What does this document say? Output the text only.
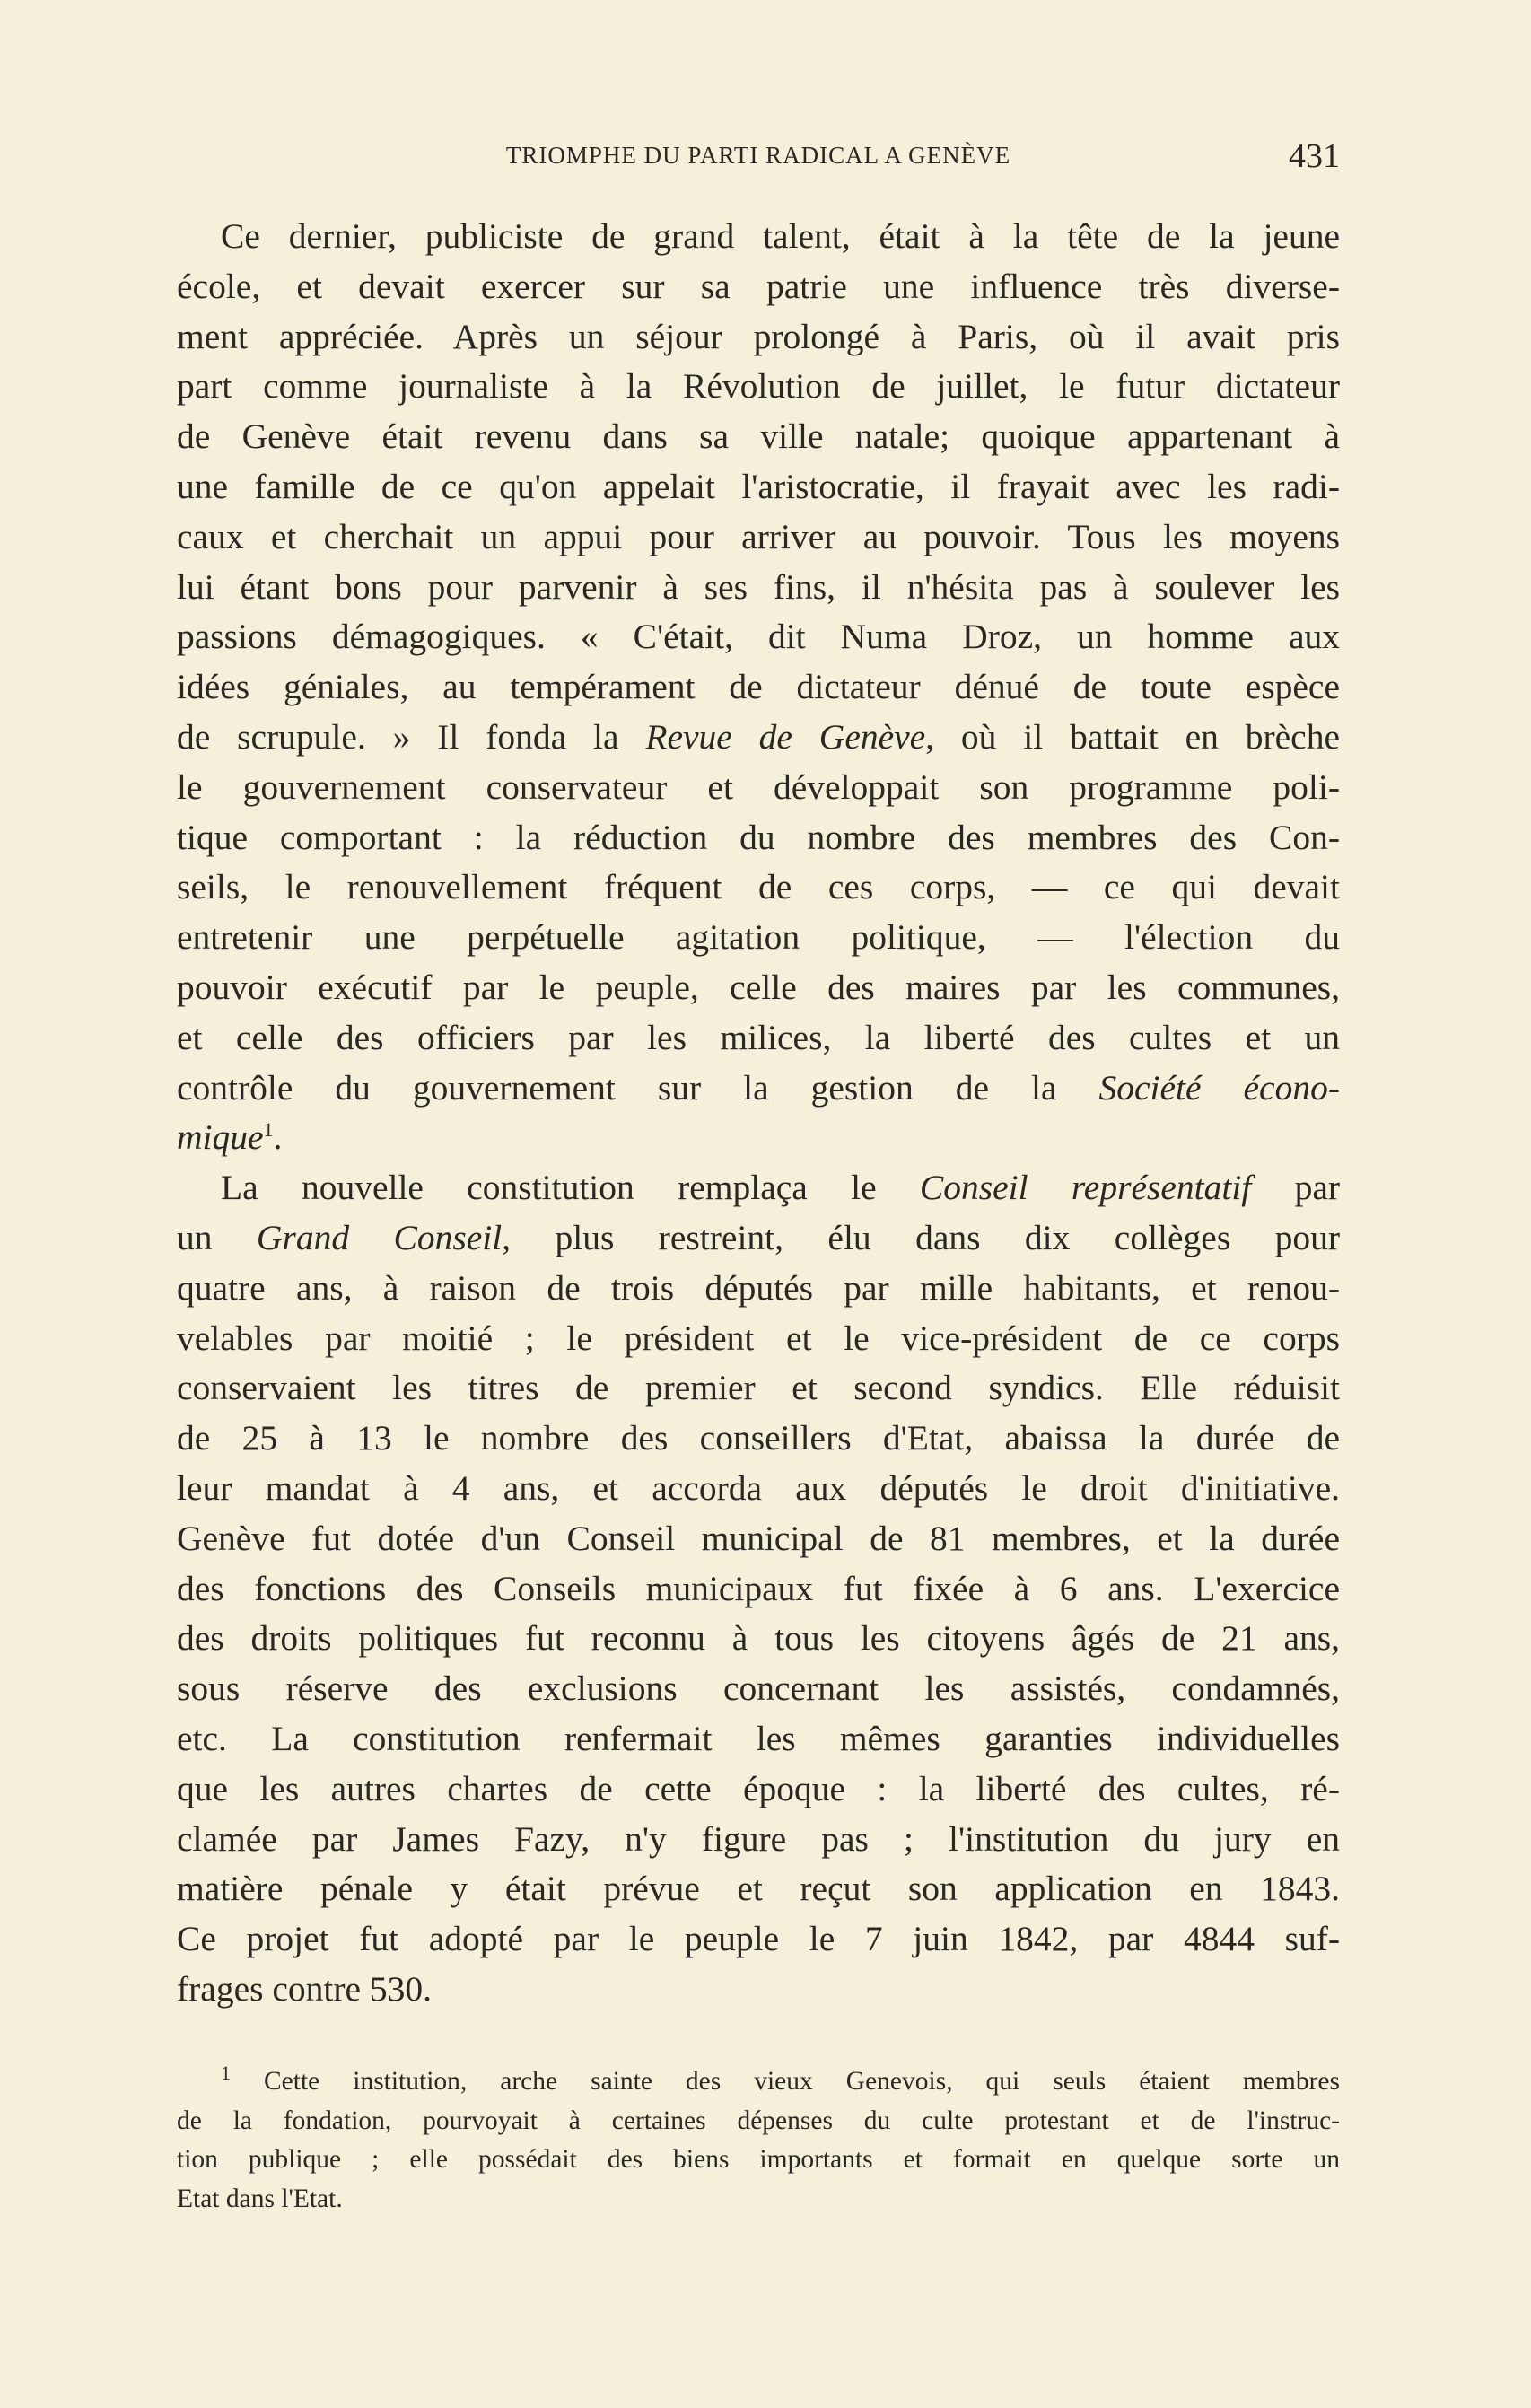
TRIOMPHE DU PARTI RADICAL A GENÈVE	431
Ce dernier, publiciste de grand talent, était à la tête de la jeune
école, et devait exercer sur sa patrie une influence très diverse-
ment appréciée. Après un séjour prolongé à Paris, où il avait pris
part comme journaliste à la Révolution de juillet, le futur dictateur
de Genève était revenu dans sa ville natale; quoique appartenant à
une famille de ce qu'on appelait l'aristocratie, il frayait avec les radi-
caux et cherchait un appui pour arriver au pouvoir. Tous les moyens
lui étant bons pour parvenir à ses fins, il n'hésita pas à soulever les
passions démagogiques. « C'était, dit Numa Droz, un homme aux
idées géniales, au tempérament de dictateur dénué de toute espèce
de scrupule. » Il fonda la Revue de Genève, où il battait en brèche
le gouvernement conservateur et développait son programme poli-
tique comportant : la réduction du nombre des membres des Con-
seils, le renouvellement fréquent de ces corps, — ce qui devait
entretenir une perpétuelle agitation politique, — l'élection du
pouvoir exécutif par le peuple, celle des maires par les communes,
et celle des officiers par les milices, la liberté des cultes et un
contrôle du gouvernement sur la gestion de la Société écono-
mique$^1$.
La nouvelle constitution remplaça le Conseil représentatif par
un Grand Conseil, plus restreint, élu dans dix collèges pour
quatre ans, à raison de trois députés par mille habitants, et renou-
velables par moitié ; le président et le vice-président de ce corps
conservaient les titres de premier et second syndics. Elle réduisit
de 25 à 13 le nombre des conseillers d'Etat, abaissa la durée de
leur mandat à 4 ans, et accorda aux députés le droit d'initiative.
Genève fut dotée d'un Conseil municipal de 81 membres, et la durée
des fonctions des Conseils municipaux fut fixée à 6 ans. L'exercice
des droits politiques fut reconnu à tous les citoyens âgés de 21 ans,
sous réserve des exclusions concernant les assistés, condamnés,
etc. La constitution renfermait les mêmes garanties individuelles
que les autres chartes de cette époque : la liberté des cultes, ré-
clamée par James Fazy, n'y figure pas ; l'institution du jury en
matière pénale y était prévue et reçut son application en 1843.
Ce projet fut adopté par le peuple le 7 juin 1842, par 4844 suf-
frages contre 530.
$^1$ Cette institution, arche sainte des vieux Genevois, qui seuls étaient membres
de la fondation, pourvoyait à certaines dépenses du culte protestant et de l'instruc-
tion publique ; elle possédait des biens importants et formait en quelque sorte un
Etat dans l'Etat.
